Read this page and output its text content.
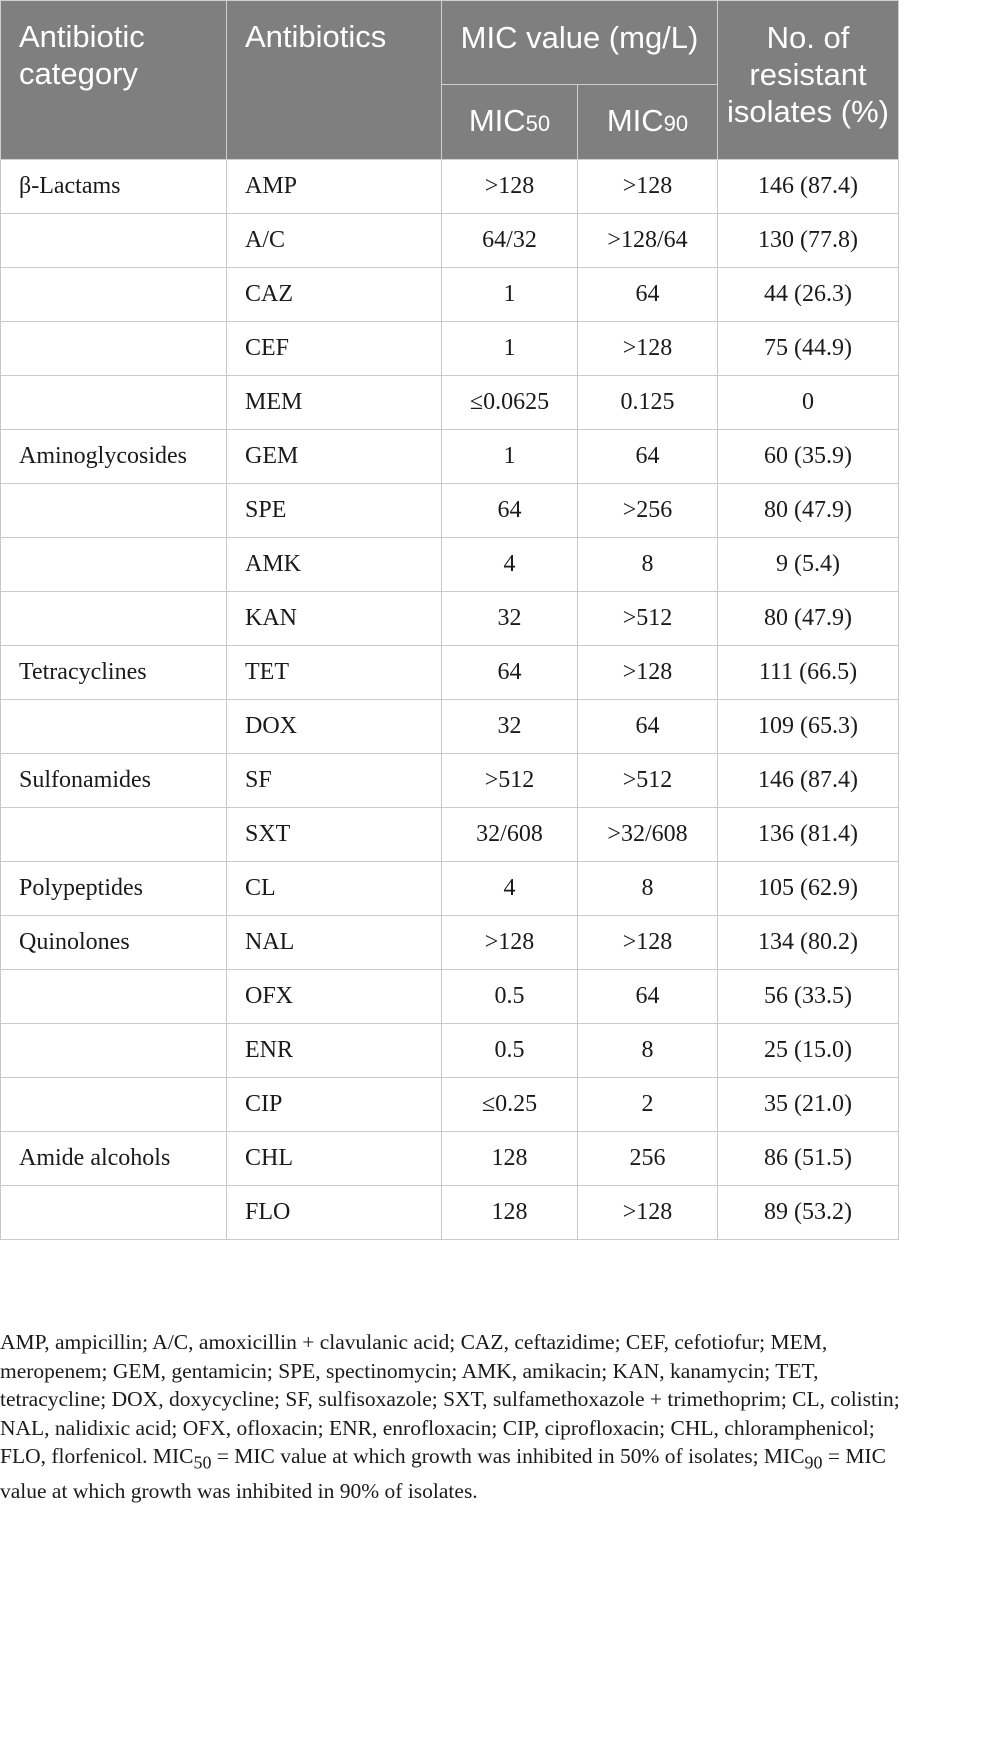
Antibiotic category	Antibiotics	MIC value (mg/L)		No. of resistant isolates (%)
		MIC50	MIC90	
β-Lactams	AMP	>128	>128	146 (87.4)
	A/C	64/32	>128/64	130 (77.8)
	CAZ	1	64	44 (26.3)
	CEF	1	>128	75 (44.9)
	MEM	≤0.0625	0.125	0
Aminoglycosides	GEM	1	64	60 (35.9)
	SPE	64	>256	80 (47.9)
	AMK	4	8	9 (5.4)
	KAN	32	>512	80 (47.9)
Tetracyclines	TET	64	>128	111 (66.5)
	DOX	32	64	109 (65.3)
Sulfonamides	SF	>512	>512	146 (87.4)
	SXT	32/608	>32/608	136 (81.4)
Polypeptides	CL	4	8	105 (62.9)
Quinolones	NAL	>128	>128	134 (80.2)
	OFX	0.5	64	56 (33.5)
	ENR	0.5	8	25 (15.0)
	CIP	≤0.25	2	35 (21.0)
Amide alcohols	CHL	128	256	86 (51.5)
	FLO	128	>128	89 (53.2)

AMP, ampicillin; A/C, amoxicillin + clavulanic acid; CAZ, ceftazidime; CEF, cefotiofur; MEM, meropenem; GEM, gentamicin; SPE, spectinomycin; AMK, amikacin; KAN, kanamycin; TET, tetracycline; DOX, doxycycline; SF, sulfisoxazole; SXT, sulfamethoxazole + trimethoprim; CL, colistin; NAL, nalidixic acid; OFX, ofloxacin; ENR, enrofloxacin; CIP, ciprofloxacin; CHL, chloramphenicol; FLO, florfenicol. $MIC_{50}$ = MIC value at which growth was inhibited in 50% of isolates; $MIC_{90}$ = MIC value at which growth was inhibited in 90% of isolates.
